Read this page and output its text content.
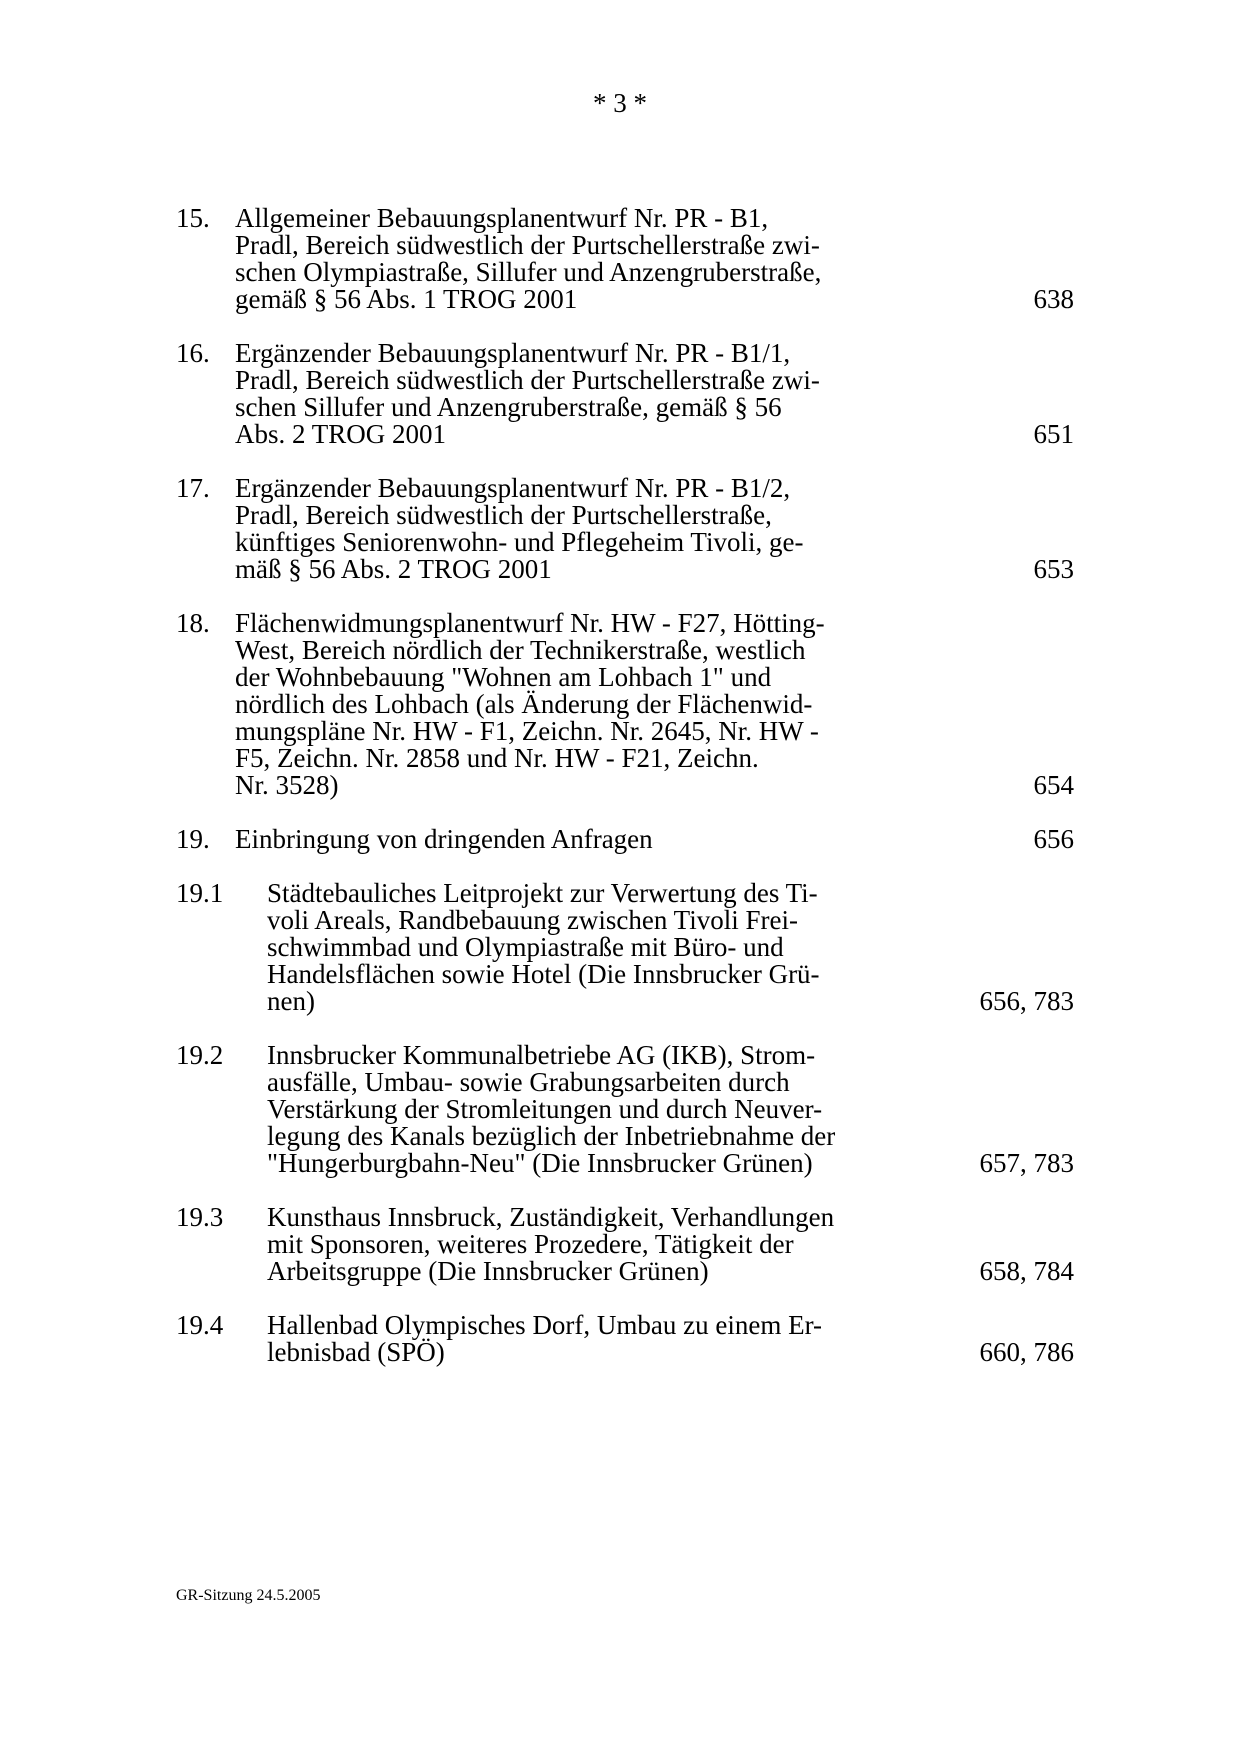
* 3 *
15. Allgemeiner Bebauungsplanentwurf Nr. PR - B1,
Pradl, Bereich südwestlich der Purtschellerstraße zwi-
schen Olympiastraße, Sillufer und Anzengruberstraße,
gemäß § 56 Abs. 1 TROG 2001	638
16. Ergänzender Bebauungsplanentwurf Nr. PR - B1/1,
Pradl, Bereich südwestlich der Purtschellerstraße zwi-
schen Sillufer und Anzengruberstraße, gemäß § 56
Abs. 2 TROG 2001	651
17. Ergänzender Bebauungsplanentwurf Nr. PR - B1/2,
Pradl, Bereich südwestlich der Purtschellerstraße,
künftiges Seniorenwohn- und Pflegeheim Tivoli, ge-
mäß § 56 Abs. 2 TROG 2001	653
18. Flächenwidmungsplanentwurf Nr. HW - F27, Hötting-
West, Bereich nördlich der Technikerstraße, westlich
der Wohnbebauung "Wohnen am Lohbach 1" und
nördlich des Lohbach (als Änderung der Flächenwid-
mungspläne Nr. HW - F1, Zeichn. Nr. 2645, Nr. HW -
F5, Zeichn. Nr. 2858 und Nr. HW - F21, Zeichn.
Nr. 3528)	654
19. Einbringung von dringenden Anfragen	656
19.1 Städtebauliches Leitprojekt zur Verwertung des Ti-
voli Areals, Randbebauung zwischen Tivoli Frei-
schwimmbad und Olympiastraße mit Büro- und
Handelsflächen sowie Hotel (Die Innsbrucker Grü-
nen)	656, 783
19.2 Innsbrucker Kommunalbetriebe AG (IKB), Strom-
ausfälle, Umbau- sowie Grabungsarbeiten durch
Verstärkung der Stromleitungen und durch Neuver-
legung des Kanals bezüglich der Inbetriebnahme der
"Hungerburgbahn-Neu" (Die Innsbrucker Grünen)	657, 783
19.3 Kunsthaus Innsbruck, Zuständigkeit, Verhandlungen
mit Sponsoren, weiteres Prozedere, Tätigkeit der
Arbeitsgruppe (Die Innsbrucker Grünen)	658, 784
19.4 Hallenbad Olympisches Dorf, Umbau zu einem Er-
lebnisbad (SPÖ)	660, 786
GR-Sitzung 24.5.2005
